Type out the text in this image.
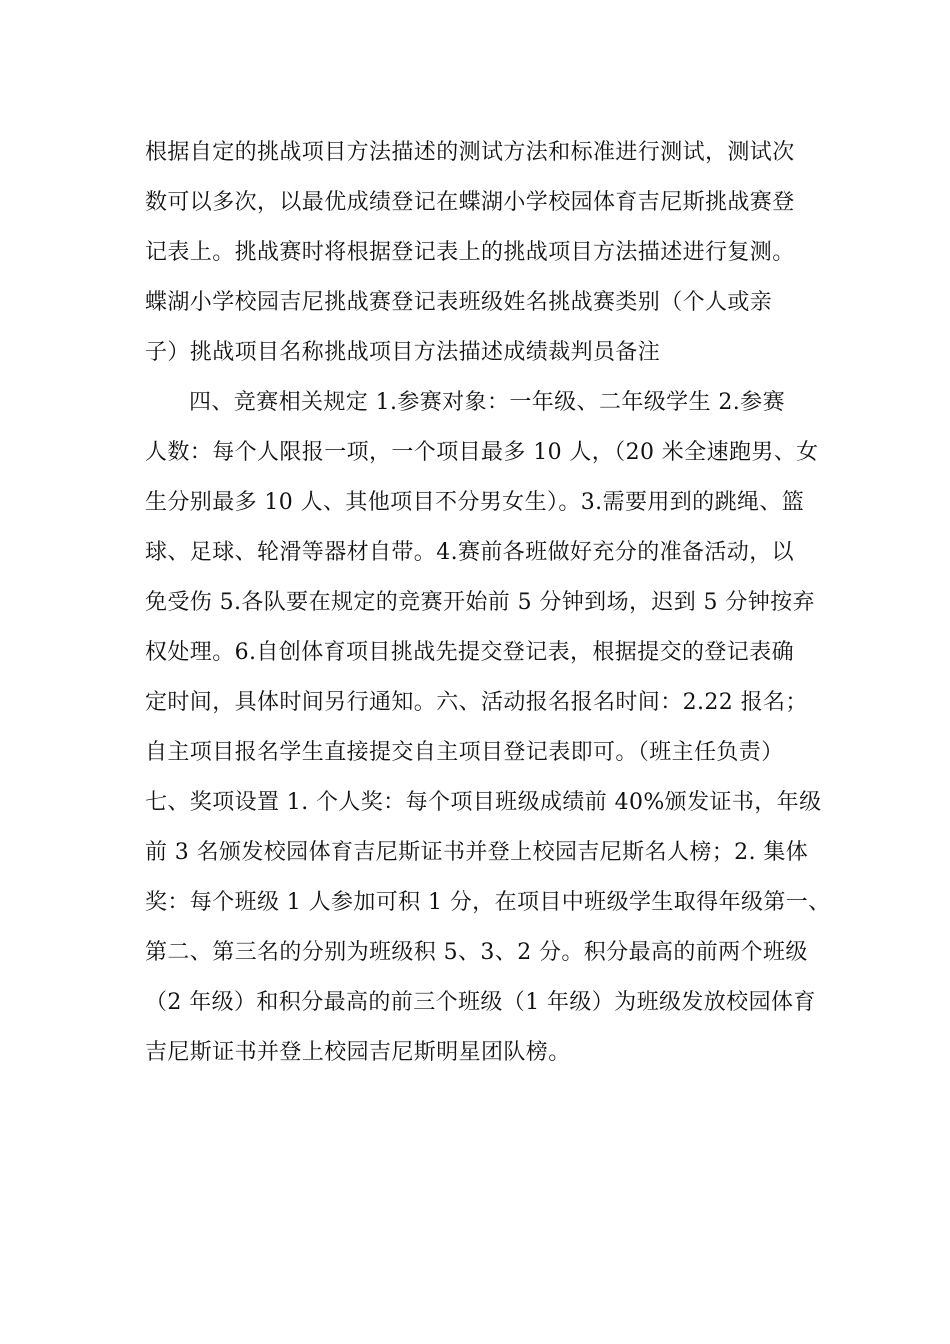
根据自定的挑战项目方法描述的测试方法和标准进行测试，测试次
数可以多次，以最优成绩登记在蝶湖小学校园体育吉尼斯挑战赛登
记表上。挑战赛时将根据登记表上的挑战项目方法描述进行复测。
蝶湖小学校园吉尼挑战赛登记表班级姓名挑战赛类别（个人或亲
子）挑战项目名称挑战项目方法描述成绩裁判员备注
四、竞赛相关规定 1.参赛对象：一年级、二年级学生 2.参赛
人数：每个人限报一项，一个项目最多 10 人，（20 米全速跑男、女
生分别最多 10 人、其他项目不分男女生）。3.需要用到的跳绳、篮
球、足球、轮滑等器材自带。4.赛前各班做好充分的准备活动，以
免受伤 5.各队要在规定的竞赛开始前 5 分钟到场，迟到 5 分钟按弃
权处理。6.自创体育项目挑战先提交登记表，根据提交的登记表确
定时间，具体时间另行通知。六、活动报名报名时间：2.22 报名；
自主项目报名学生直接提交自主项目登记表即可。（班主任负责）
七、奖项设置 1. 个人奖：每个项目班级成绩前 40%颁发证书，年级
前 3 名颁发校园体育吉尼斯证书并登上校园吉尼斯名人榜；2. 集体
奖：每个班级 1 人参加可积 1 分，在项目中班级学生取得年级第一、
第二、第三名的分别为班级积 5、3、2 分。积分最高的前两个班级
（2 年级）和积分最高的前三个班级（1 年级）为班级发放校园体育
吉尼斯证书并登上校园吉尼斯明星团队榜。
